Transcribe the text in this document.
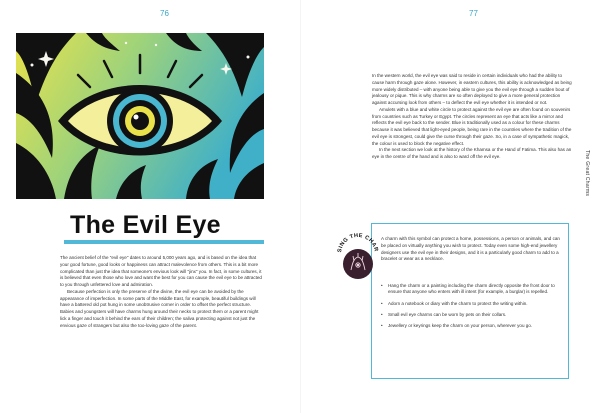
76	77
The Evil Eye

The ancient belief of the "evil eye" dates to around 5,000 years ago, and is based on the idea that your good fortune, good looks or happiness can attract malevolence from others. This is a bit more complicated than just the idea that someone's envious look will "jinx" you. In fact, in some cultures, it is believed that even those who love and want the best for you can cause the evil eye to be attracted to you through unfettered love and admiration.

Because perfection is only the preserve of the divine, the evil eye can be avoided by the appearance of imperfection. In some parts of the Middle East, for example, beautiful buildings will have a battered old pot hung in some unobtrusive corner in order to offset the perfect structure. Babies and youngsters will have charms hung around their necks to protect them or a parent might lick a finger and touch it behind the ears of their children; the saliva protecting against not just the envious gaze of strangers but also the too-loving gaze of the parent.

In the western world, the evil eye was said to reside in certain individuals who had the ability to cause harm through gaze alone. However, in eastern cultures, this ability is acknowledged as being more widely distributed – with anyone being able to give you the evil eye through a sudden bout of jealousy or pique. This is why charms are so often deployed to give a more general protection against accursing look from others – to deflect the evil eye whether it is intended or not.

Amulets with a blue and white circle to protect against the evil eye are often found on souvenirs from countries such as Turkey or Egypt. The circles represent an eye that acts like a mirror and reflects the evil eye back to the sender. Blue is traditionally used as a colour for these charms because it was believed that light-eyed people, being rare in the countries where the tradition of the evil eye is strongest, could give the curse through their gaze. So, in a case of sympathetic magick, the colour is used to block the negative effect.

In the next section we look at the history of the Khamsa or the Hand of Fatima. This also has an eye in the centre of the hand and is also to ward off the evil eye.	The Great Charms
SING THE CHAR

A charm with this symbol can protect a home, possessions, a person or animals, and can be placed on virtually anything you wish to protect. Today even some high-end jewellery designers use the evil eye in their designs, and it is a particularly good charm to add to a bracelet or wear as a necklace.

• Hang the charm or a painting including the charm directly opposite the front door to ensure that anyone who enters with ill intent (for example, a burglar) is repelled.
• Adorn a notebook or diary with the charm to protect the writing within.
• Small evil eye charms can be worn by pets on their collars.
• Jewellery or keyrings keep the charm on your person, wherever you go.
